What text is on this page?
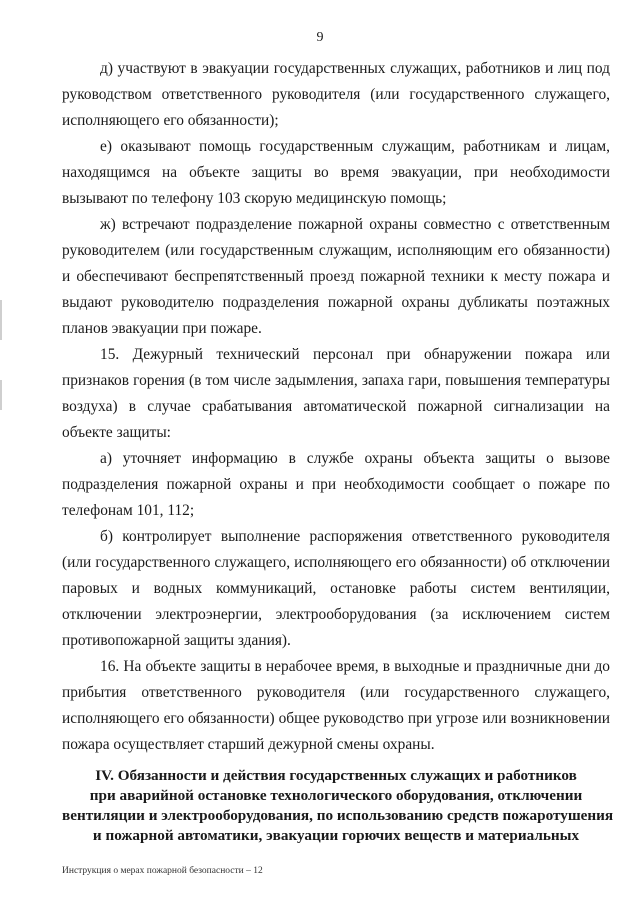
9

д) участвуют в эвакуации государственных служащих, работников и лиц под руководством ответственного руководителя (или государственного служащего, исполняющего его обязанности);

е) оказывают помощь государственным служащим, работникам и лицам, находящимся на объекте защиты во время эвакуации, при необходимости вызывают по телефону 103 скорую медицинскую помощь;

ж) встречают подразделение пожарной охраны совместно с ответственным руководителем (или государственным служащим, исполняющим его обязанности) и обеспечивают беспрепятственный проезд пожарной техники к месту пожара и выдают руководителю подразделения пожарной охраны дубликаты поэтажных планов эвакуации при пожаре.

15. Дежурный технический персонал при обнаружении пожара или признаков горения (в том числе задымления, запаха гари, повышения температуры воздуха) в случае срабатывания автоматической пожарной сигнализации на объекте защиты:

а) уточняет информацию в службе охраны объекта защиты о вызове подразделения пожарной охраны и при необходимости сообщает о пожаре по телефонам 101, 112;

б) контролирует выполнение распоряжения ответственного руководителя (или государственного служащего, исполняющего его обязанности) об отключении паровых и водных коммуникаций, остановке работы систем вентиляции, отключении электроэнергии, электрооборудования (за исключением систем противопожарной защиты здания).

16. На объекте защиты в нерабочее время, в выходные и праздничные дни до прибытия ответственного руководителя (или государственного служащего, исполняющего его обязанности) общее руководство при угрозе или возникновении пожара осуществляет старший дежурной смены охраны.

IV. Обязанности и действия государственных служащих и работников
при аварийной остановке технологического оборудования, отключении
вентиляции и электрооборудования, по использованию средств пожаротушения
и пожарной автоматики, эвакуации горючих веществ и материальных
Инструкция о мерах пожарной безопасности – 12
